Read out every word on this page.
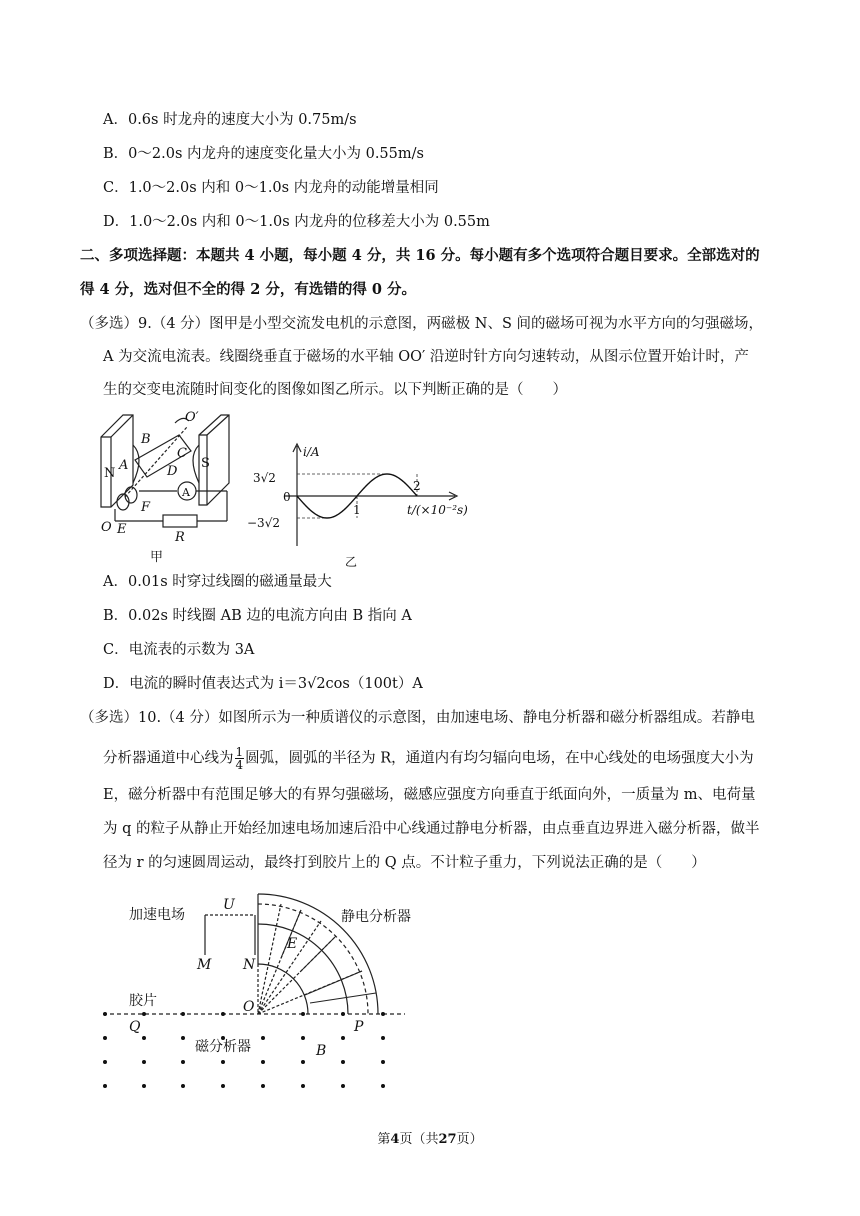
A．0.6s 时龙舟的速度大小为 0.75m/s
B．0～2.0s 内龙舟的速度变化量大小为 0.55m/s
C．1.0～2.0s 内和 0～1.0s 内龙舟的动能增量相同
D．1.0～2.0s 内和 0～1.0s 内龙舟的位移差大小为 0.55m
二、多项选择题：本题共 4 小题，每小题 4 分，共 16 分。每小题有多个选项符合题目要求。全部选对的
得 4 分，选对但不全的得 2 分，有选错的得 0 分。
（多选）9.（4 分）图甲是小型交流发电机的示意图，两磁极 N、S 间的磁场可视为水平方向的匀强磁场，
A 为交流电流表。线圈绕垂直于磁场的水平轴 OO′ 沿逆时针方向匀速转动，从图示位置开始计时，产
生的交变电流随时间变化的图像如图乙所示。以下判断正确的是（　　）
N
S
A
B
C
D
O′
O E
F
R
A
甲
i/A
3√2
0
−3√2
1
2
t/(×10⁻²s)
乙
A．0.01s 时穿过线圈的磁通量最大
B．0.02s 时线圈 AB 边的电流方向由 B 指向 A
C．电流表的示数为 3A
D．电流的瞬时值表达式为 i＝3√2cos（100t）A
（多选）10.（4 分）如图所示为一种质谱仪的示意图，由加速电场、静电分析器和磁分析器组成。若静电
分析器通道中心线为 $\frac{1}{4}$ 圆弧，圆弧的半径为 R，通道内有均匀辐向电场，在中心线处的电场强度大小为
E，磁分析器中有范围足够大的有界匀强磁场，磁感应强度方向垂直于纸面向外，一质量为 m、电荷量
为 q 的粒子从静止开始经加速电场加速后沿中心线通过静电分析器，由点垂直边界进入磁分析器，做半
径为 r 的匀速圆周运动，最终打到胶片上的 Q 点。不计粒子重力，下列说法正确的是（　　）
加速电场
U
M N
E
静电分析器
胶片
Q
O
P
磁分析器	B
第4页（共27页）
